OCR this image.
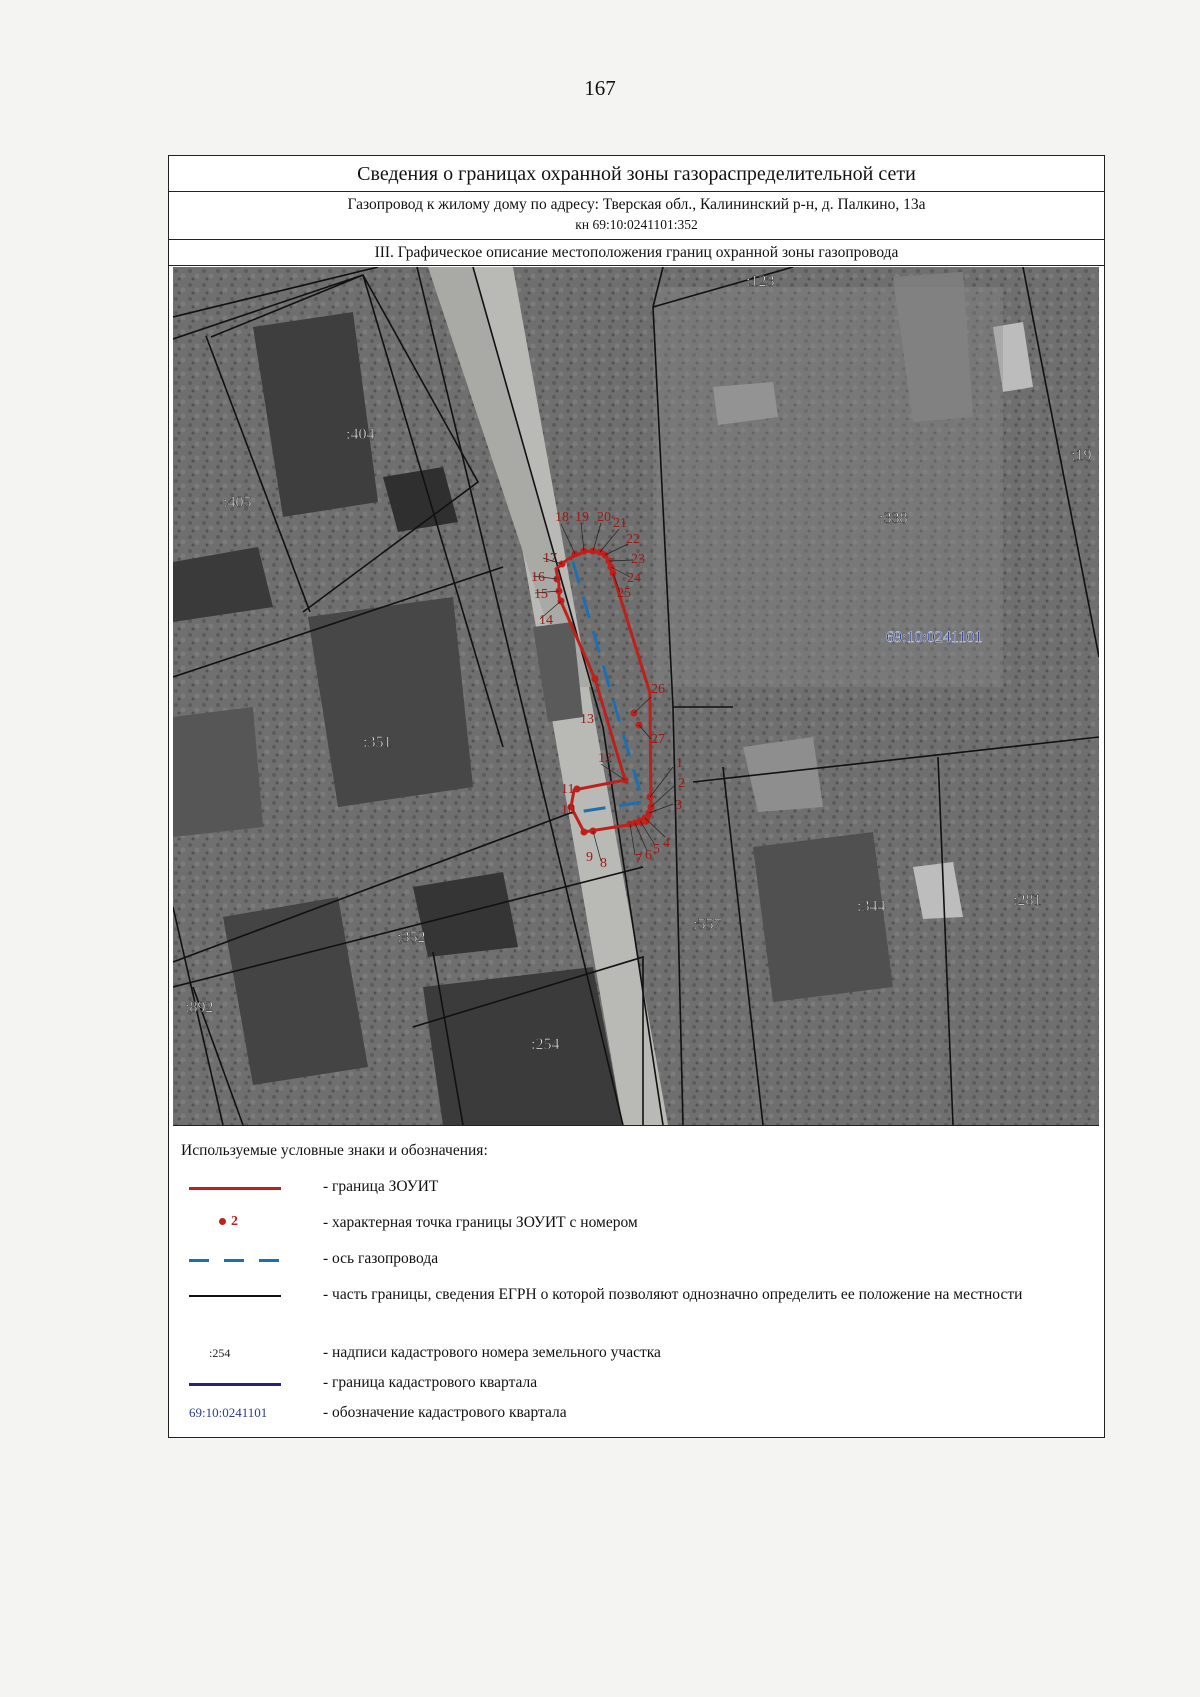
167
Сведения о границах охранной зоны газораспределительной сети
Газопровод к жилому дому по адресу: Тверская обл., Калининский р-н, д. Палкино, 13а
кн 69:10:0241101:352
III. Графическое описание местоположения границ охранной зоны газопровода
1
2
3
4
5
6
7
8
9
10
11
12
13
14
15
16
17
18 19 20 21
22
23
24
25
26
27
:123
:404
:405
:19
:338
:351
:344	:281
:557
:352
:892
:254
69:10:0241101
Используемые условные знаки и обозначения:
- граница ЗОУИТ
2	- характерная точка границы ЗОУИТ с номером
- ось газопровода
- часть границы, сведения ЕГРН о которой позволяют однозначно определить ее положение на местности
:254	- надписи кадастрового номера земельного участка
- граница кадастрового квартала
69:10:0241101	- обозначение кадастрового квартала
